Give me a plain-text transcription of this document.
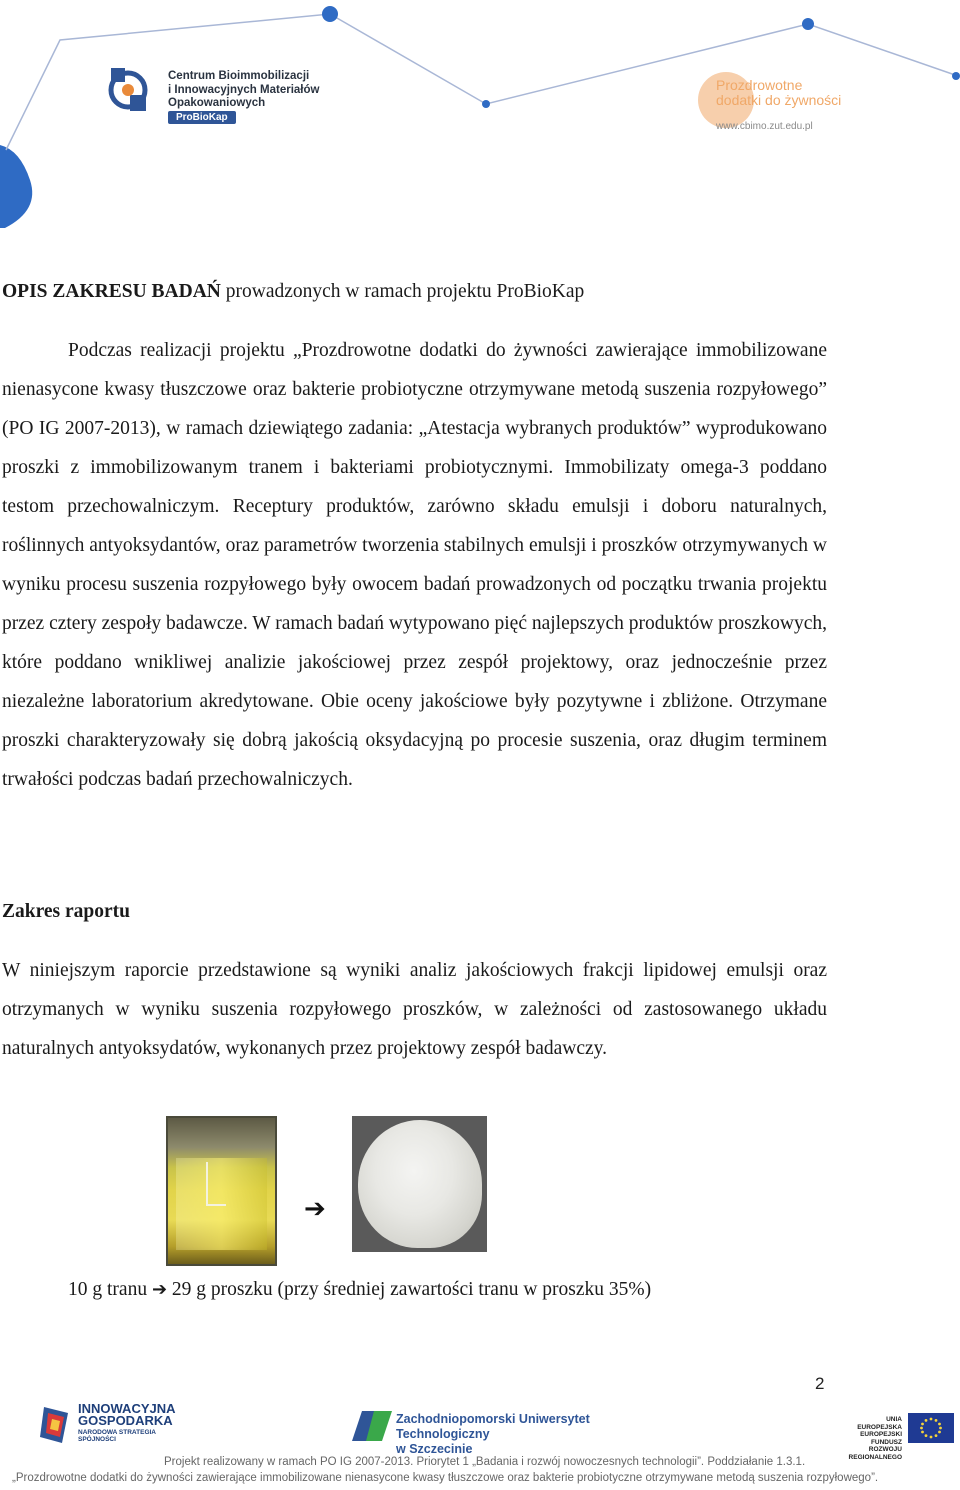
Centrum Bioimmobilizacji
i Innowacyjnych Materiałów
Opakowaniowych
ProBioKap
Prozdrowotne
dodatki do żywności
www.cbimo.zut.edu.pl
OPIS ZAKRESU BADAŃ prowadzonych w ramach projektu ProBioKap
Podczas realizacji projektu „Prozdrowotne dodatki do żywności zawierające immobilizowane nienasycone kwasy tłuszczowe oraz bakterie probiotyczne otrzymywane metodą suszenia rozpyłowego” (PO IG 2007-2013), w ramach dziewiątego zadania: „Atestacja wybranych produktów” wyprodukowano proszki z immobilizowanym tranem i bakteriami probiotycznymi. Immobilizaty omega-3 poddano testom przechowalniczym. Receptury produktów, zarówno składu emulsji i doboru naturalnych, roślinnych antyoksydantów, oraz parametrów tworzenia stabilnych emulsji i proszków otrzymywanych w wyniku procesu suszenia rozpyłowego były owocem badań prowadzonych od początku trwania projektu przez cztery zespoły badawcze. W ramach badań wytypowano pięć najlepszych produktów proszkowych, które poddano wnikliwej analizie jakościowej przez zespół projektowy, oraz jednocześnie przez niezależne laboratorium akredytowane. Obie oceny jakościowe były pozytywne i zbliżone. Otrzymane proszki charakteryzowały się dobrą jakością oksydacyjną po procesie suszenia, oraz długim terminem trwałości podczas badań przechowalniczych.
Zakres raportu
W niniejszym raporcie przedstawione są wyniki analiz jakościowych frakcji lipidowej emulsji oraz otrzymanych w wyniku suszenia rozpyłowego proszków, w zależności od zastosowanego układu naturalnych antyoksydatów, wykonanych przez projektowy zespół badawczy.
➔
10 g tranu ➔ 29 g proszku (przy średniej zawartości tranu w proszku 35%)
2
INNOWACYJNA
GOSPODARKA
NARODOWA STRATEGIA SPÓJNOŚCI
Zachodniopomorski Uniwersytet Technologiczny
w Szczecinie
UNIA EUROPEJSKA
EUROPEJSKI FUNDUSZ
ROZWOJU REGIONALNEGO
Projekt realizowany w ramach PO IG 2007-2013. Priorytet 1 „Badania i rozwój nowoczesnych technologii”. Poddziałanie 1.3.1.
„Prozdrowotne dodatki do żywności zawierające immobilizowane nienasycone kwasy tłuszczowe oraz bakterie probiotyczne otrzymywane metodą suszenia rozpyłowego”.
